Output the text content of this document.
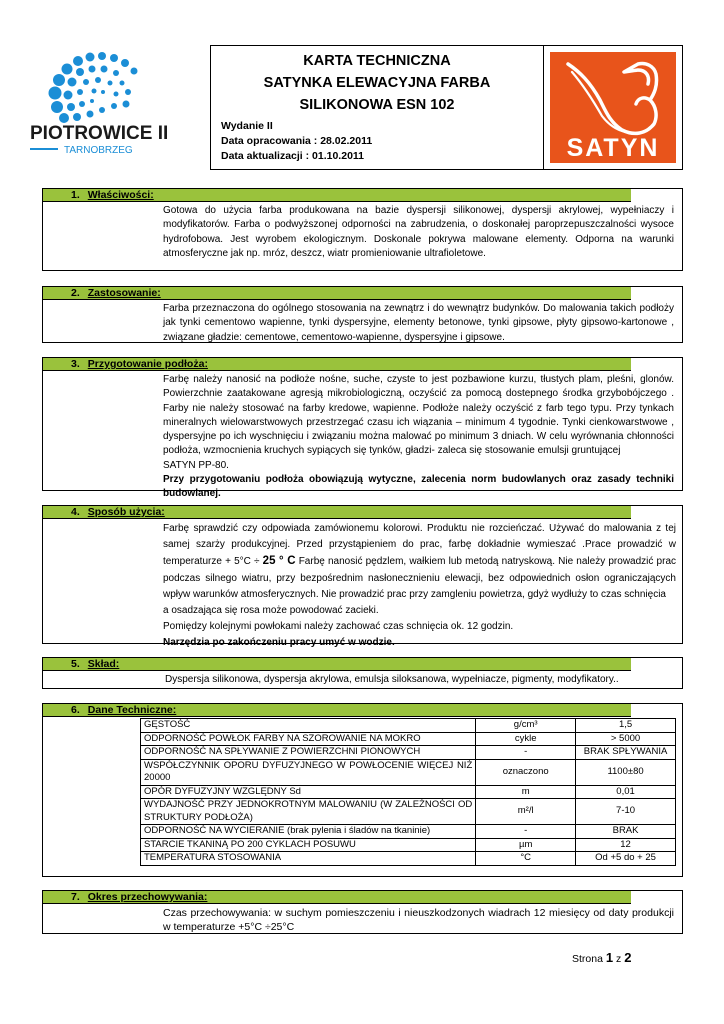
PIOTROWICE II
TARNOBRZEG
KARTA TECHNICZNA
SATYNKA ELEWACYJNA FARBA
SILIKONOWA ESN 102
Wydanie II
Data opracowania : 28.02.2011
Data aktualizacji : 01.10.2011	SATYN
1. Właściwości:

Gotowa do użycia farba produkowana na bazie dyspersji silikonowej, dyspersji akrylowej, wypełniaczy i modyfikatorów. Farba o podwyższonej odporności na zabrudzenia, o doskonałej paroprzepuszczalności wysoce hydrofobowa. Jest wyrobem ekologicznym. Doskonale pokrywa malowane elementy. Odporna na warunki atmosferyczne jak np. mróz, deszcz, wiatr promieniowanie ultrafioletowe.

2. Zastosowanie:

Farba przeznaczona do ogólnego stosowania na zewnątrz i do wewnątrz budynków. Do malowania takich podłoży jak tynki cementowo wapienne, tynki dyspersyjne, elementy betonowe, tynki gipsowe, płyty gipsowo-kartonowe , związane gładzie: cementowe, cementowo-wapienne, dyspersyjne i gipsowe.

3. Przygotowanie podłoża:

Farbę należy nanosić na podłoże nośne, suche, czyste to jest pozbawione kurzu, tłustych plam, pleśni, glonów. Powierzchnie zaatakowane agresją mikrobiologiczną, oczyścić za pomocą dostepnego środka grzybobójczego . Farby nie należy stosować na farby kredowe, wapienne. Podłoże należy oczyścić z farb tego typu. Przy tynkach mineralnych wielowarstwowych przestrzegać czasu ich wiązania – minimum 4 tygodnie. Tynki cienkowarstwowe , dyspersyjne po ich wyschnięciu i związaniu można malować po minimum 3 dniach. W celu wyrównania chłonności podłoża, wzmocnienia kruchych sypiących się tynków, gładzi- zaleca się stosowanie emulsji gruntującej

SATYN PP-80.

Przy przygotowaniu podłoża obowiązują wytyczne, zalecenia norm budowlanych oraz zasady techniki budowlanej.

4. Sposób użycia:

Farbę sprawdzić czy odpowiada zamówionemu kolorowi. Produktu nie rozcieńczać. Używać do malowania z tej samej szarży produkcyjnej. Przed przystąpieniem do prac, farbę dokładnie wymieszać .Prace prowadzić w temperaturze + 5°C ÷ 25 ° C Farbę nanosić pędzlem, wałkiem lub metodą natryskową. Nie należy prowadzić prac podczas silnego wiatru, przy bezpośrednim nasłonecznieniu elewacji, bez odpowiednich osłon ograniczających wpływ warunków atmosferycznych. Nie prowadzić prac przy zamgleniu powietrza, gdyż wydłuży to czas schnięcia

a osadzająca się rosa może powodować zacieki.

Pomiędzy kolejnymi powłokami należy zachować czas schnięcia ok. 12 godzin.

Narzędzia po zakończeniu pracy umyć w wodzie.

5. Skład:

Dyspersja silikonowa, dyspersja akrylowa, emulsja siloksanowa, wypełniacze, pigmenty, modyfikatory..

6. Dane Techniczne:
GĘSTOŚĆ	g/cm³	1,5
ODPORNOŚĆ POWŁOK FARBY NA SZOROWANIE NA MOKRO	cykle	> 5000
ODPORNOŚĆ NA SPŁYWANIE Z POWIERZCHNI PIONOWYCH	-	BRAK SPŁYWANIA
WSPÓŁCZYNNIK OPORU DYFUZYJNEGO W POWŁOCENIE WIĘCEJ NIŻ 20000	oznaczono	1100±80
OPÓR DYFUZYJNY WZGLĘDNY Sd	m	0,01
WYDAJNOŚĆ PRZY JEDNOKROTNYM MALOWANIU (W ZALEŻNOŚCI OD STRUKTURY PODŁOŻA)	m²/l	7-10
ODPORNOŚĆ NA WYCIERANIE (brak pylenia i śladów na tkaninie)	-	BRAK
STARCIE TKANINĄ PO 200 CYKLACH POSUWU	µm	12
TEMPERATURA STOSOWANIA	°C	Od +5 do + 25
7. Okres przechowywania:

Czas przechowywania: w suchym pomieszczeniu i nieuszkodzonych wiadrach 12 miesięcy od daty produkcji w temperaturze +5°C ÷25°C

Strona 1 z 2
